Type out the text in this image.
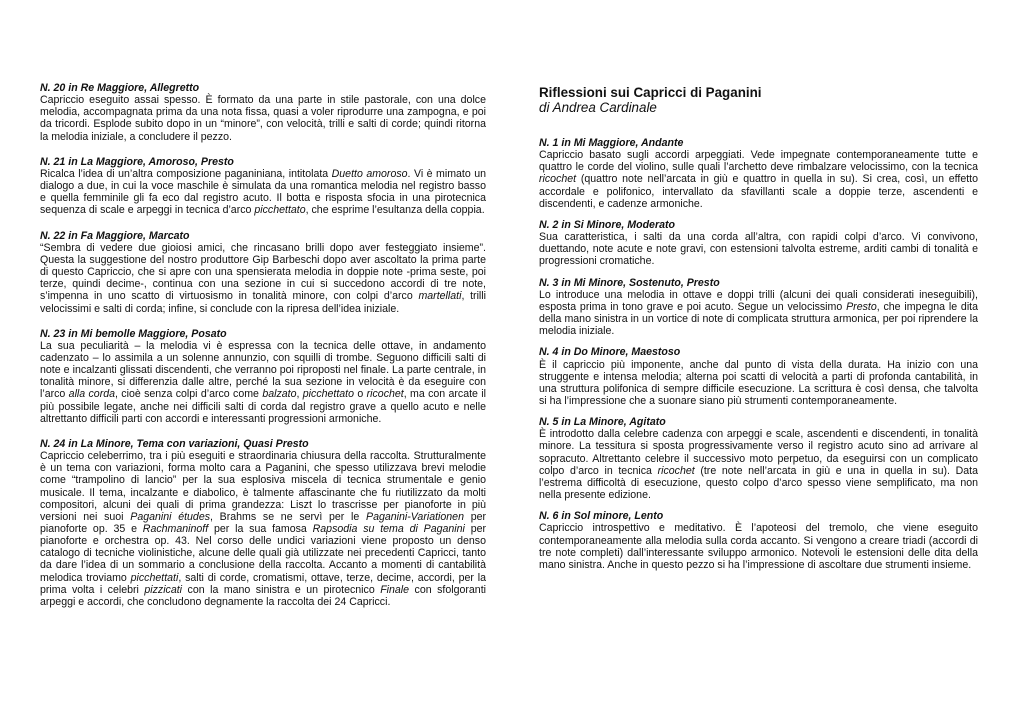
N. 20 in Re Maggiore, Allegretto
Capriccio eseguito assai spesso. È formato da una parte in stile pastorale, con una dolce melodia, accompagnata prima da una nota fissa, quasi a voler riprodurre una zampogna, e poi da tricordi. Esplode subito dopo in un “minore”, con velocità, trilli e salti di corde; quindi ritorna la melodia iniziale, a concludere il pezzo.
N. 21 in La Maggiore, Amoroso, Presto
Ricalca l’idea di un’altra composizione paganiniana, intitolata Duetto amoroso. Vi è mimato un dialogo a due, in cui la voce maschile è simulata da una romantica melodia nel registro basso e quella femminile gli fa eco dal registro acuto. Il botta e risposta sfocia in una pirotecnica sequenza di scale e arpeggi in tecnica d’arco picchettato, che esprime l’esultanza della coppia.
N. 22 in Fa Maggiore, Marcato
“Sembra di vedere due gioiosi amici, che rincasano brilli dopo aver festeggiato insieme”. Questa la suggestione del nostro produttore Gip Barbeschi dopo aver ascoltato la prima parte di questo Capriccio, che si apre con una spensierata melodia in doppie note -prima seste, poi terze, quindi decime-, continua con una sezione in cui si succedono accordi di tre note, s’impenna in uno scatto di virtuosismo in tonalità minore, con colpi d’arco martellati, trilli velocissimi e salti di corda; infine, si conclude con la ripresa dell’idea iniziale.
N. 23 in Mi bemolle Maggiore, Posato
La sua peculiarità – la melodia vi è espressa con la tecnica delle ottave, in andamento cadenzato – lo assimila a un solenne annunzio, con squilli di trombe. Seguono difficili salti di note e incalzanti glissati discendenti, che verranno poi riproposti nel finale. La parte centrale, in tonalità minore, si differenzia dalle altre, perché la sua sezione in velocità è da eseguire con l’arco alla corda, cioè senza colpi d’arco come balzato, picchettato o ricochet, ma con arcate il più possibile legate, anche nei difficili salti di corda dal registro grave a quello acuto e nelle altrettanto difficili parti con accordi e interessanti progressioni armoniche.
N. 24 in La Minore, Tema con variazioni, Quasi Presto
Capriccio celeberrimo, tra i più eseguiti e straordinaria chiusura della raccolta. Strutturalmente è un tema con variazioni, forma molto cara a Paganini, che spesso utilizzava brevi melodie come “trampolino di lancio” per la sua esplosiva miscela di tecnica strumentale e genio musicale. Il tema, incalzante e diabolico, è talmente affascinante che fu riutilizzato da molti compositori, alcuni dei quali di prima grandezza: Liszt lo trascrisse per pianoforte in più versioni nei suoi Paganini études, Brahms se ne servì per le Paganini-Variationen per pianoforte op. 35 e Rachmaninoff per la sua famosa Rapsodia su tema di Paganini per pianoforte e orchestra op. 43. Nel corso delle undici variazioni viene proposto un denso catalogo di tecniche violinistiche, alcune delle quali già utilizzate nei precedenti Capricci, tanto da dare l’idea di un sommario a conclusione della raccolta. Accanto a momenti di cantabilità melodica troviamo picchettati, salti di corde, cromatismi, ottave, terze, decime, accordi, per la prima volta i celebri pizzicati con la mano sinistra e un pirotecnico Finale con sfolgoranti arpeggi e accordi, che concludono degnamente la raccolta dei 24 Capricci.
Riflessioni sui Capricci di Paganini
di Andrea Cardinale
N. 1 in Mi Maggiore, Andante
Capriccio basato sugli accordi arpeggiati. Vede impegnate contemporaneamente tutte e quattro le corde del violino, sulle quali l’archetto deve rimbalzare velocissimo, con la tecnica ricochet (quattro note nell’arcata in giù e quattro in quella in su). Si crea, così, un effetto accordale e polifonico, intervallato da sfavillanti scale a doppie terze, ascendenti e discendenti, e cadenze armoniche.
N. 2 in Si Minore, Moderato
Sua caratteristica, i salti da una corda all’altra, con rapidi colpi d’arco. Vi convivono, duettando, note acute e note gravi, con estensioni talvolta estreme, arditi cambi di tonalità e progressioni cromatiche.
N. 3 in Mi Minore, Sostenuto, Presto
Lo introduce una melodia in ottave e doppi trilli (alcuni dei quali considerati ineseguibili), esposta prima in tono grave e poi acuto. Segue un velocissimo Presto, che impegna le dita della mano sinistra in un vortice di note di complicata struttura armonica, per poi riprendere la melodia iniziale.
N. 4 in Do Minore, Maestoso
È il capriccio più imponente, anche dal punto di vista della durata. Ha inizio con una struggente e intensa melodia; alterna poi scatti di velocità a parti di profonda cantabilità, in una struttura polifonica di sempre difficile esecuzione. La scrittura è così densa, che talvolta si ha l’impressione che a suonare siano più strumenti contemporaneamente.
N. 5 in La Minore, Agitato
È introdotto dalla celebre cadenza con arpeggi e scale, ascendenti e discendenti, in tonalità minore. La tessitura si sposta progressivamente verso il registro acuto sino ad arrivare al sopracuto. Altrettanto celebre il successivo moto perpetuo, da eseguirsi con un complicato colpo d’arco in tecnica ricochet (tre note nell’arcata in giù e una in quella in su). Data l’estrema difficoltà di esecuzione, questo colpo d’arco spesso viene semplificato, ma non nella presente edizione.
N. 6 in Sol minore, Lento
Capriccio introspettivo e meditativo. È l’apoteosi del tremolo, che viene eseguito contemporaneamente alla melodia sulla corda accanto. Si vengono a creare triadi (accordi di tre note completi) dall’interessante sviluppo armonico. Notevoli le estensioni delle dita della mano sinistra. Anche in questo pezzo si ha l’impressione di ascoltare due strumenti insieme.
